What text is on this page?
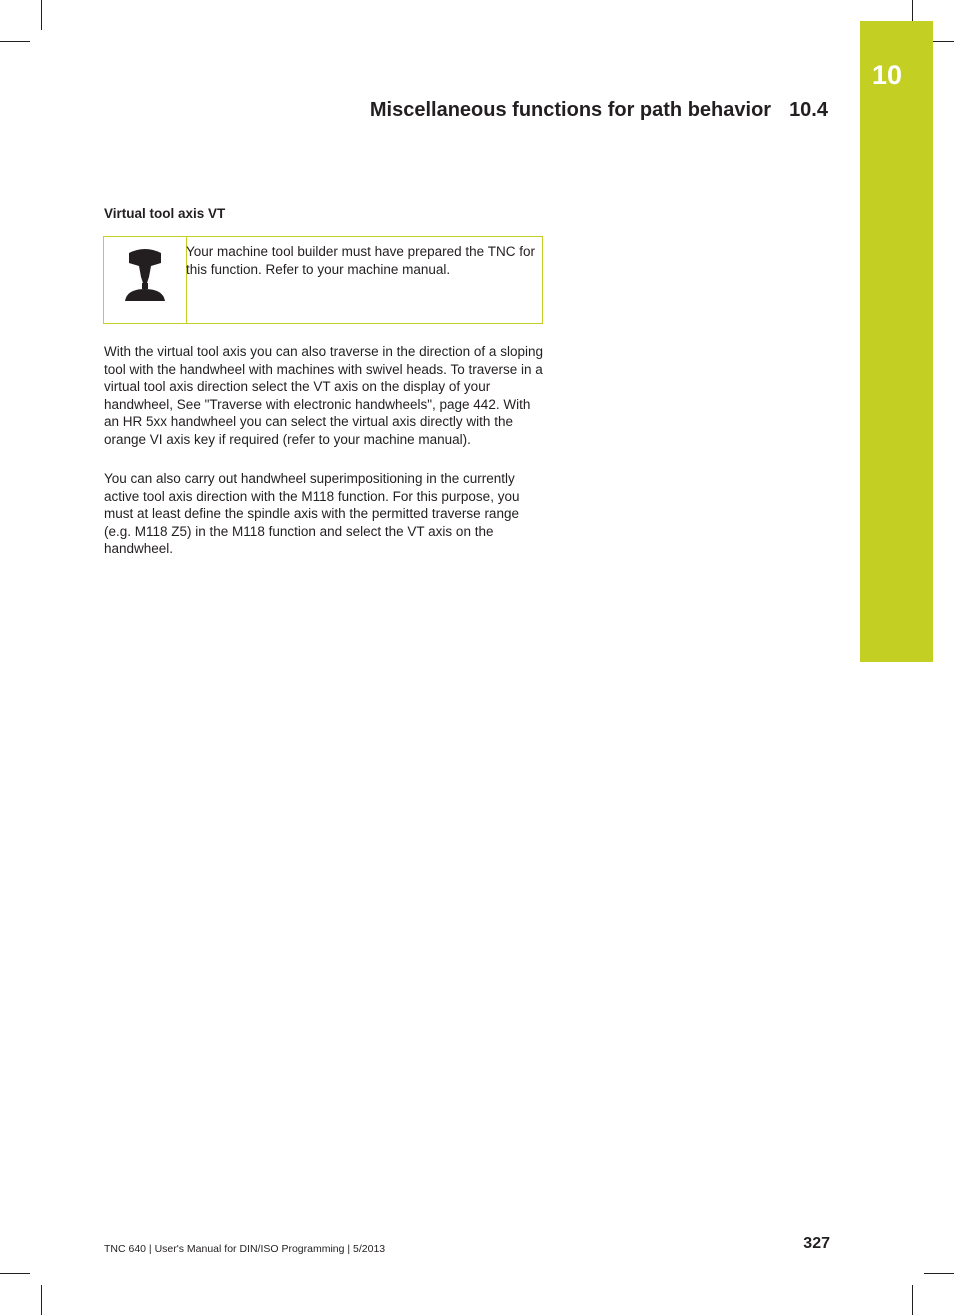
10
Miscellaneous functions for path behavior 10.4
Virtual tool axis VT
Your machine tool builder must have prepared the TNC for this function. Refer to your machine manual.

With the virtual tool axis you can also traverse in the direction of a sloping tool with the handwheel with machines with swivel heads. To traverse in a virtual tool axis direction select the VT axis on the display of your handwheel, See "Traverse with electronic handwheels", page 442. With an HR 5xx handwheel you can select the virtual axis directly with the orange VI axis key if required (refer to your machine manual).

You can also carry out handwheel superimpositioning in the currently active tool axis direction with the M118 function. For this purpose, you must at least define the spindle axis with the permitted traverse range (e.g. M118 Z5) in the M118 function and select the VT axis on the handwheel.

TNC 640 | User's Manual for DIN/ISO Programming | 5/2013	327
